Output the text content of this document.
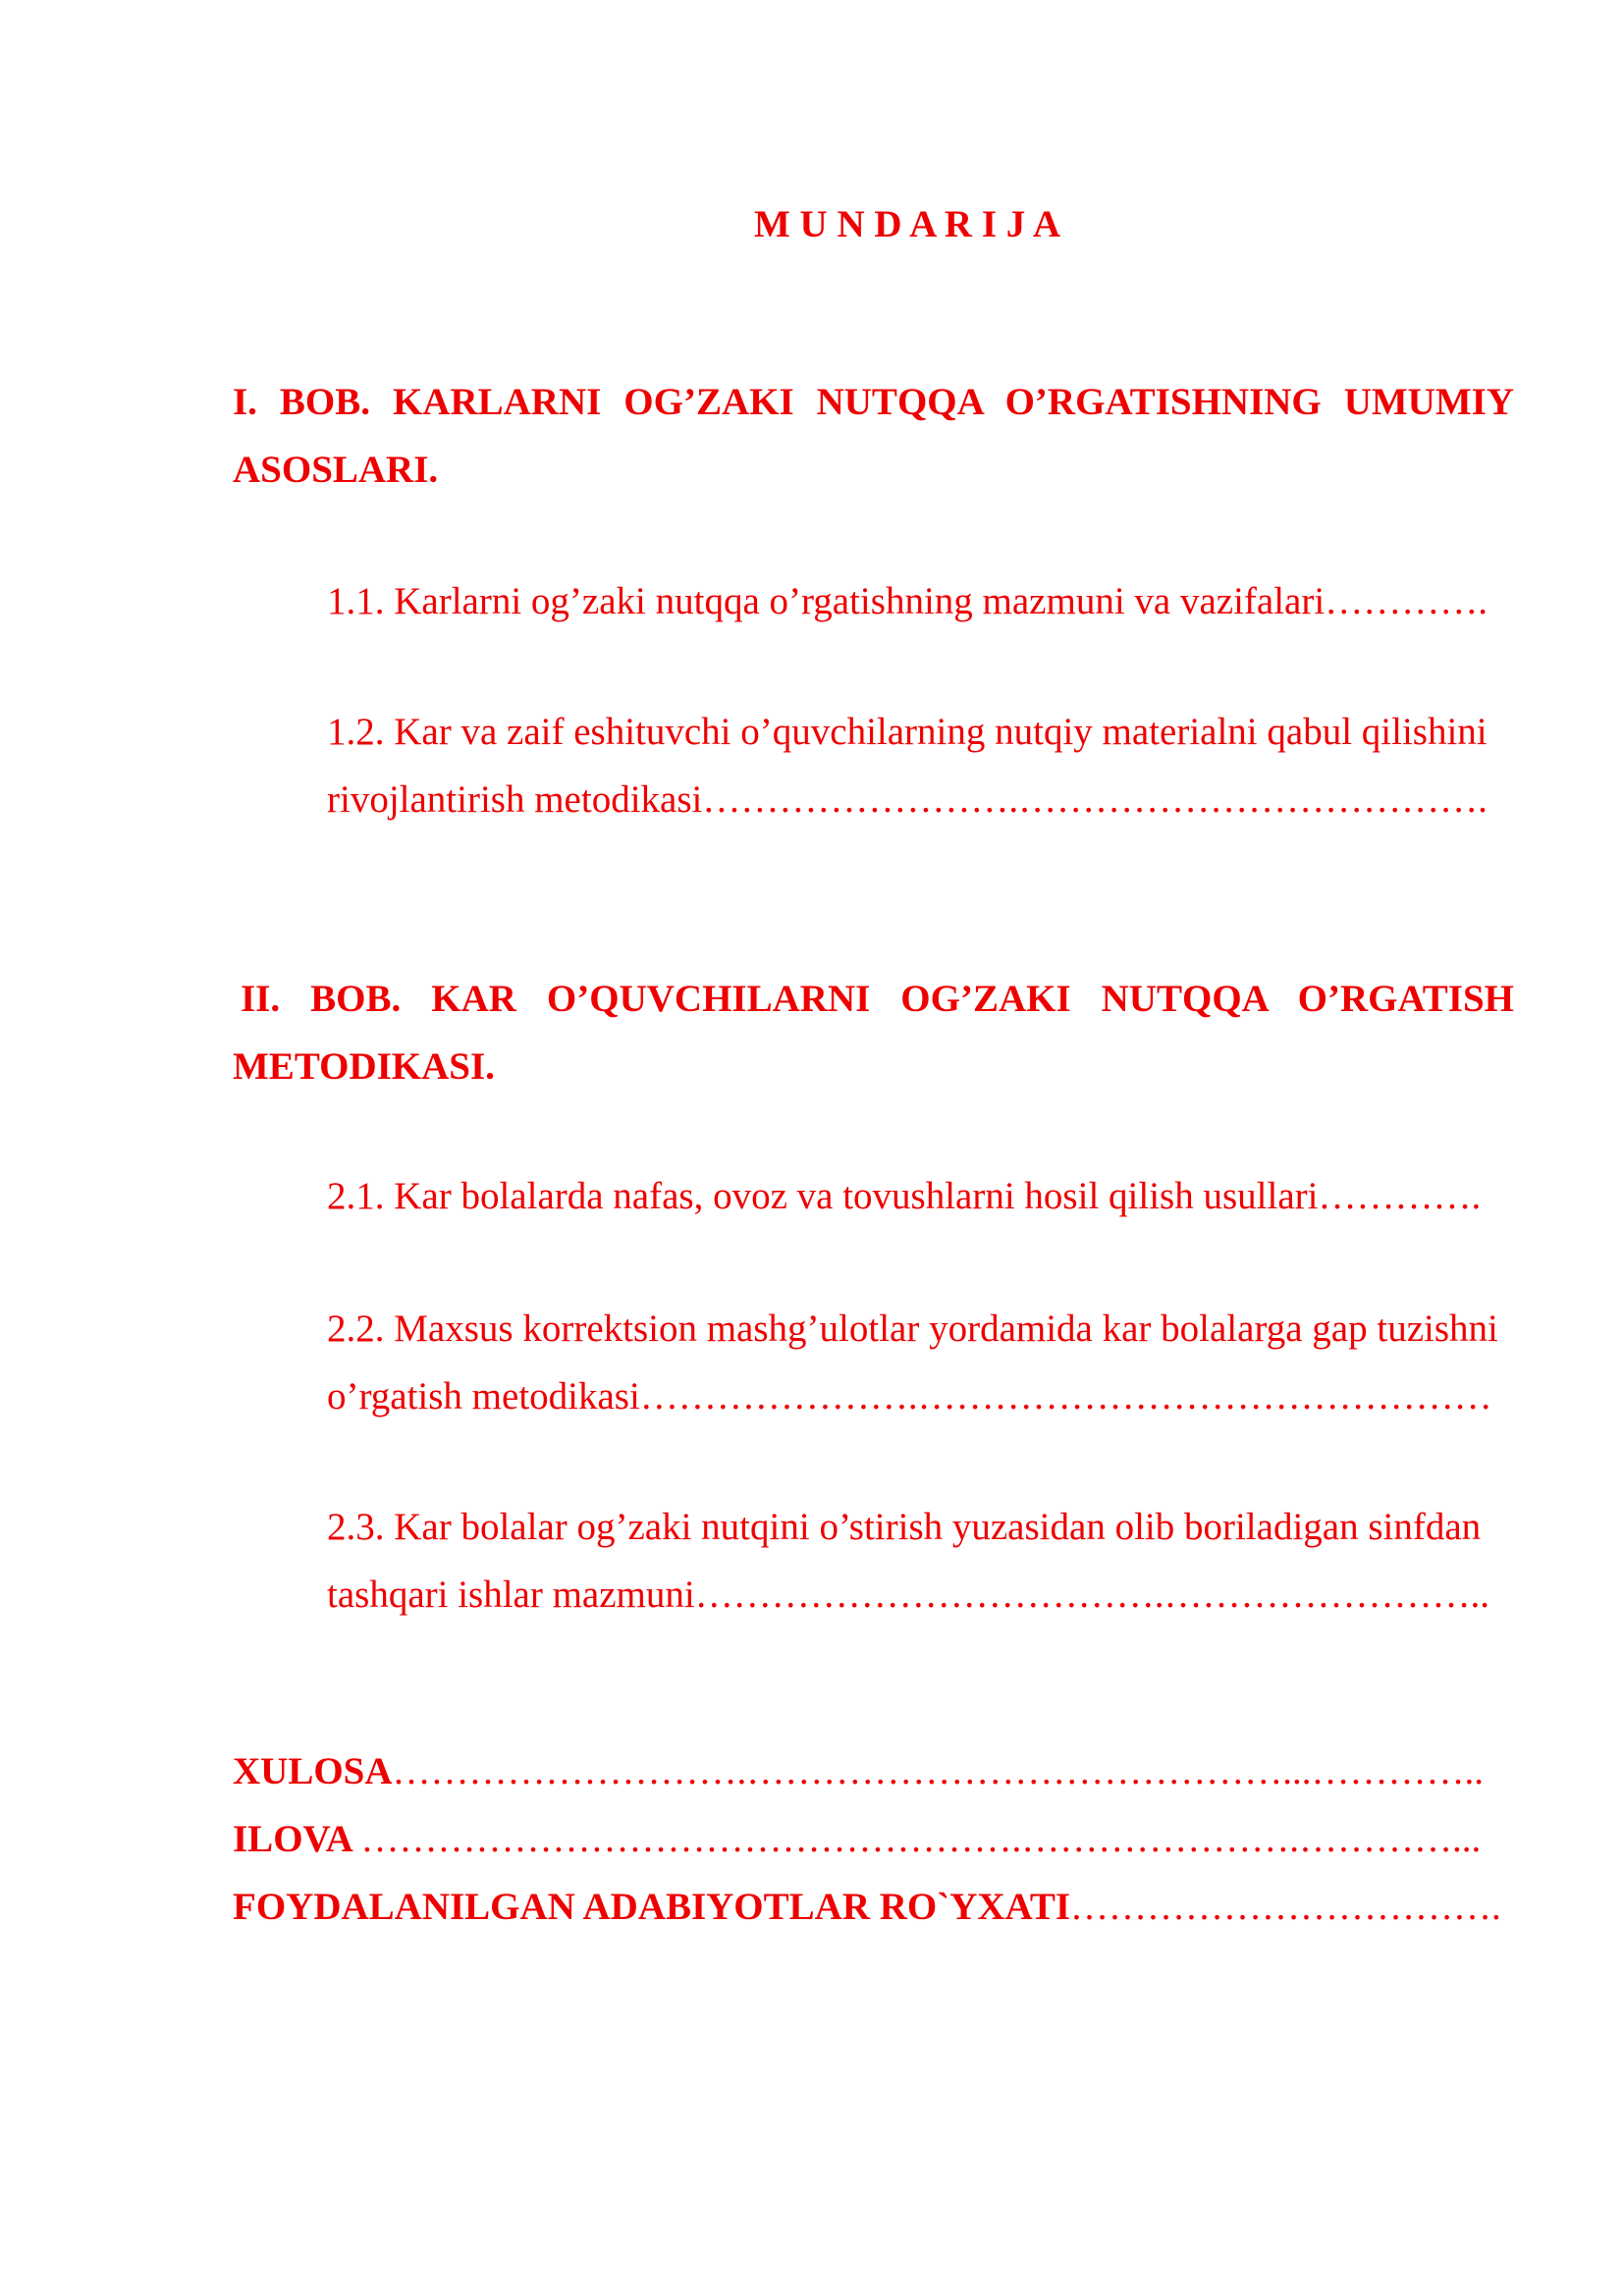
M U N D A R I J A
I. BOB. KARLARNI OG’ZAKI NUTQQA O’RGATISHNING UMUMIY ASOSLARI.
1.1. Karlarni og’zaki nutqqa o’rgatishning mazmuni va vazifalari………….
1.2. Kar va zaif eshituvchi o’quvchilarning nutqiy materialni qabul qilishini rivojlantirish metodikasi…………………….……………………………….
II. BOB. KAR O’QUVCHILARNI OG’ZAKI NUTQQA O’RGATISH METODIKASI.
2.1. Kar bolalarda nafas, ovoz va tovushlarni hosil qilish usullari………….
2.2. Maxsus korrektsion mashg’ulotlar yordamida kar bolalarga gap tuzishni o’rgatish metodikasi………………….………………………………………
2.3. Kar bolalar og’zaki nutqini o’stirish yuzasidan olib boriladigan sinfdan tashqari ishlar mazmuni……………………………….……………………..
XULOSA……………………….……………………………………...…………..
ILOVA …………………………………………….………………….…………...
FOYDALANILGAN ADABIYOTLAR RO`YXATI…………………………….
